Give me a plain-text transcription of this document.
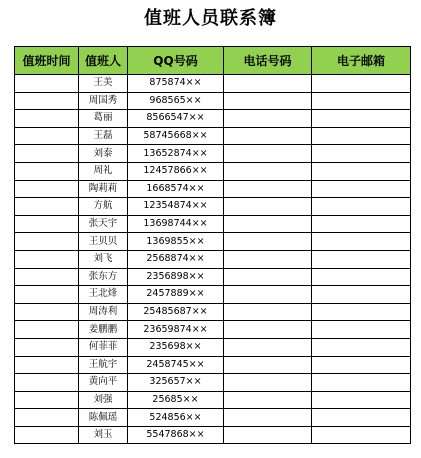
值班人员联系簿
值班时间	值班人	QQ号码	电话号码	电子邮箱
	王美	875874××		
	周国秀	968565××		
	葛丽	8566547××		
	王磊	58745668××		
	刘泰	13652874××		
	周礼	12457866××		
	陶莉莉	1668574××		
	方航	12354874××		
	张天宇	13698744××		
	王贝贝	1369855××		
	刘飞	2568874××		
	张东方	2356898××		
	王北烽	2457889××		
	周涛利	25485687××		
	姜鹏鹏	23659874××		
	何菲菲	235698××		
	王航宇	2458745××		
	黄向平	325657××		
	刘强	25685××		
	陈佩瑶	524856××		
	刘玉	5547868××		
